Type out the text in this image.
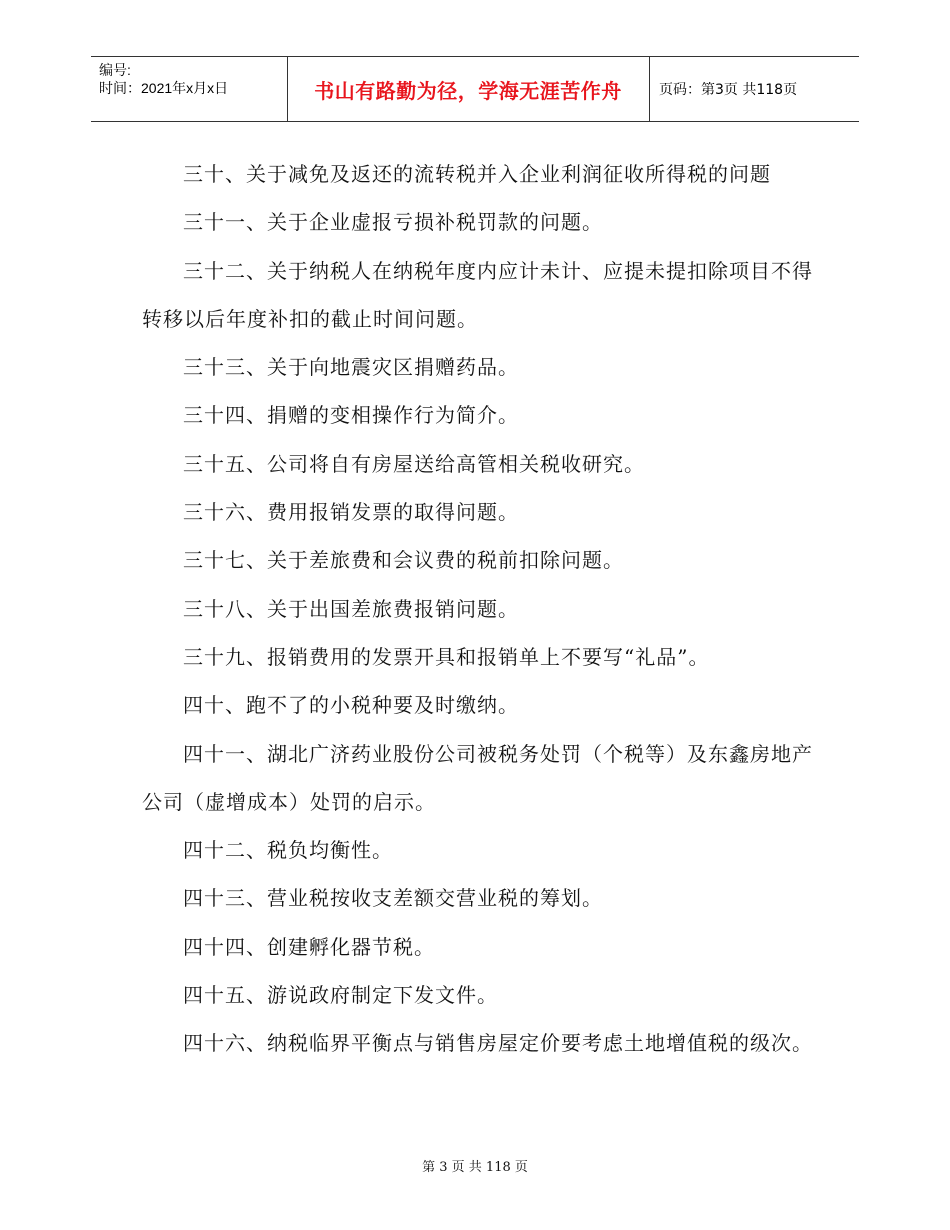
编号:
时间：2021年x月x日	书山有路勤为径，学海无涯苦作舟	页码：第3页 共118页

三十、关于减免及返还的流转税并入企业利润征收所得税的问题

三十一、关于企业虚报亏损补税罚款的问题。

三十二、关于纳税人在纳税年度内应计未计、应提未提扣除项目不得转移以后年度补扣的截止时间问题。

三十三、关于向地震灾区捐赠药品。

三十四、捐赠的变相操作行为简介。

三十五、公司将自有房屋送给高管相关税收研究。

三十六、费用报销发票的取得问题。

三十七、关于差旅费和会议费的税前扣除问题。

三十八、关于出国差旅费报销问题。

三十九、报销费用的发票开具和报销单上不要写“礼品”。

四十、跑不了的小税种要及时缴纳。

四十一、湖北广济药业股份公司被税务处罚（个税等）及东鑫房地产公司（虚增成本）处罚的启示。

四十二、税负均衡性。

四十三、营业税按收支差额交营业税的筹划。

四十四、创建孵化器节税。

四十五、游说政府制定下发文件。

四十六、纳税临界平衡点与销售房屋定价要考虑土地增值税的级次。

第 3 页 共 118 页
